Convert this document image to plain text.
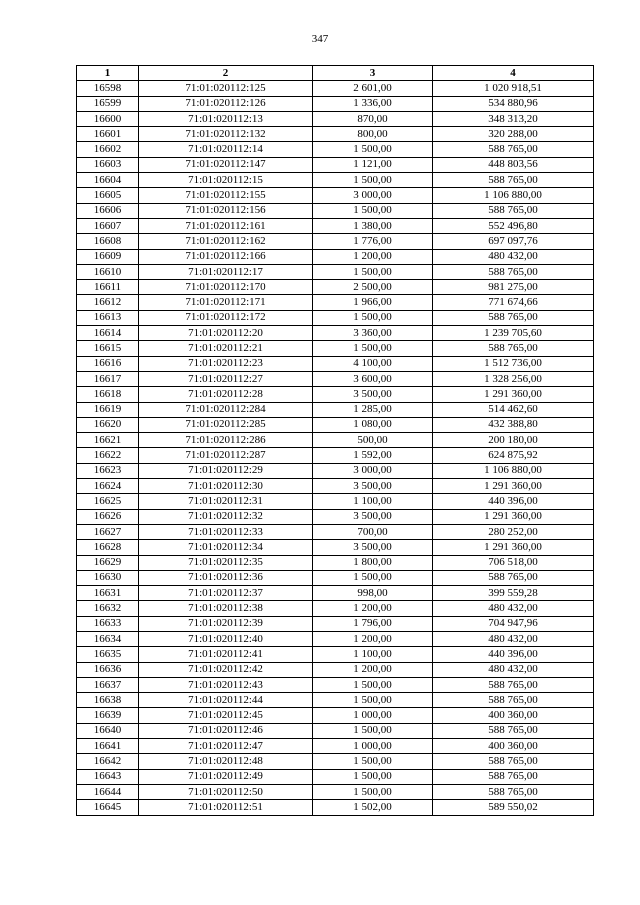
347
1	2	3	4
16598	71:01:020112:125	2 601,00	1 020 918,51
16599	71:01:020112:126	1 336,00	534 880,96
16600	71:01:020112:13	870,00	348 313,20
16601	71:01:020112:132	800,00	320 288,00
16602	71:01:020112:14	1 500,00	588 765,00
16603	71:01:020112:147	1 121,00	448 803,56
16604	71:01:020112:15	1 500,00	588 765,00
16605	71:01:020112:155	3 000,00	1 106 880,00
16606	71:01:020112:156	1 500,00	588 765,00
16607	71:01:020112:161	1 380,00	552 496,80
16608	71:01:020112:162	1 776,00	697 097,76
16609	71:01:020112:166	1 200,00	480 432,00
16610	71:01:020112:17	1 500,00	588 765,00
16611	71:01:020112:170	2 500,00	981 275,00
16612	71:01:020112:171	1 966,00	771 674,66
16613	71:01:020112:172	1 500,00	588 765,00
16614	71:01:020112:20	3 360,00	1 239 705,60
16615	71:01:020112:21	1 500,00	588 765,00
16616	71:01:020112:23	4 100,00	1 512 736,00
16617	71:01:020112:27	3 600,00	1 328 256,00
16618	71:01:020112:28	3 500,00	1 291 360,00
16619	71:01:020112:284	1 285,00	514 462,60
16620	71:01:020112:285	1 080,00	432 388,80
16621	71:01:020112:286	500,00	200 180,00
16622	71:01:020112:287	1 592,00	624 875,92
16623	71:01:020112:29	3 000,00	1 106 880,00
16624	71:01:020112:30	3 500,00	1 291 360,00
16625	71:01:020112:31	1 100,00	440 396,00
16626	71:01:020112:32	3 500,00	1 291 360,00
16627	71:01:020112:33	700,00	280 252,00
16628	71:01:020112:34	3 500,00	1 291 360,00
16629	71:01:020112:35	1 800,00	706 518,00
16630	71:01:020112:36	1 500,00	588 765,00
16631	71:01:020112:37	998,00	399 559,28
16632	71:01:020112:38	1 200,00	480 432,00
16633	71:01:020112:39	1 796,00	704 947,96
16634	71:01:020112:40	1 200,00	480 432,00
16635	71:01:020112:41	1 100,00	440 396,00
16636	71:01:020112:42	1 200,00	480 432,00
16637	71:01:020112:43	1 500,00	588 765,00
16638	71:01:020112:44	1 500,00	588 765,00
16639	71:01:020112:45	1 000,00	400 360,00
16640	71:01:020112:46	1 500,00	588 765,00
16641	71:01:020112:47	1 000,00	400 360,00
16642	71:01:020112:48	1 500,00	588 765,00
16643	71:01:020112:49	1 500,00	588 765,00
16644	71:01:020112:50	1 500,00	588 765,00
16645	71:01:020112:51	1 502,00	589 550,02
